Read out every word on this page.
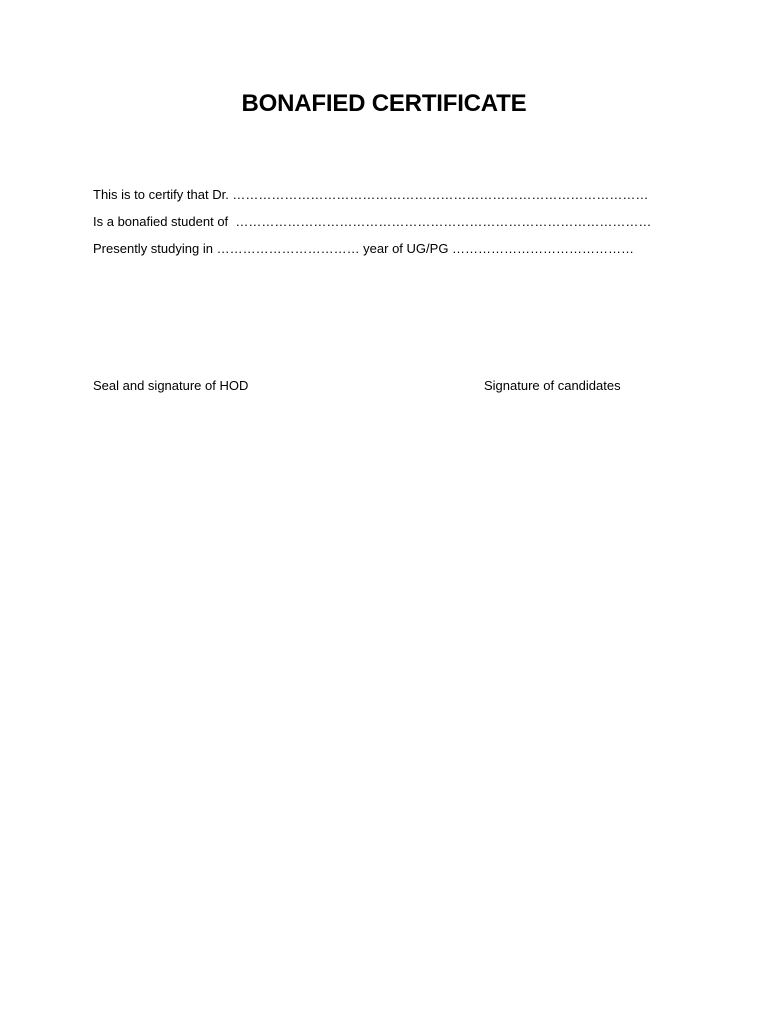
BONAFIED CERTIFICATE
This is to certify that Dr. ……………………………………………………………………………………
Is a bonafied student of  ……………………………………………………………………………………
Presently studying in …………………………… year of UG/PG ……………………………………
Seal and signature of HOD	Signature of candidates
